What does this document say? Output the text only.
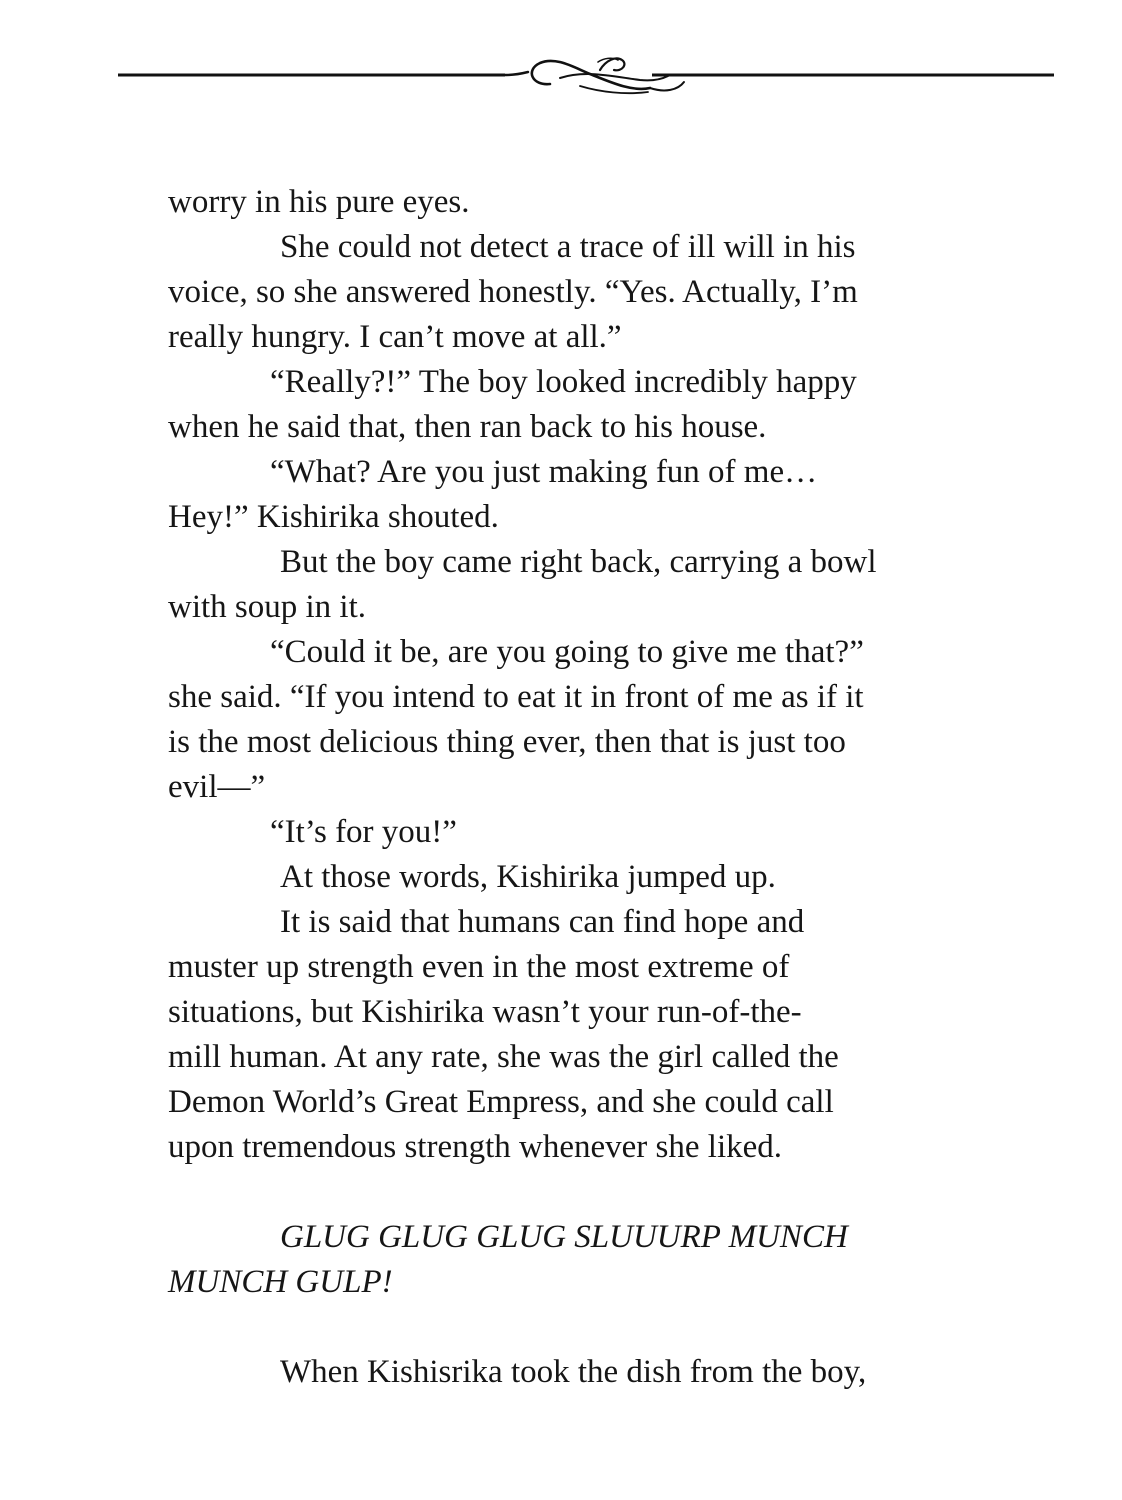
worry in his pure eyes.
She could not detect a trace of ill will in his
voice, so she answered honestly. “Yes. Actually, I’m
really hungry. I can’t move at all.”
“Really?!” The boy looked incredibly happy
when he said that, then ran back to his house.
“What? Are you just making fun of me…
Hey!” Kishirika shouted.
But the boy came right back, carrying a bowl
with soup in it.
“Could it be, are you going to give me that?”
she said. “If you intend to eat it in front of me as if it
is the most delicious thing ever, then that is just too
evil—”
“It’s for you!”
At those words, Kishirika jumped up.
It is said that humans can find hope and
muster up strength even in the most extreme of
situations, but Kishirika wasn’t your run-of-the-
mill human. At any rate, she was the girl called the
Demon World’s Great Empress, and she could call
upon tremendous strength whenever she liked.
GLUG GLUG GLUG SLUUURP MUNCH
MUNCH GULP!
When Kishisrika took the dish from the boy,
